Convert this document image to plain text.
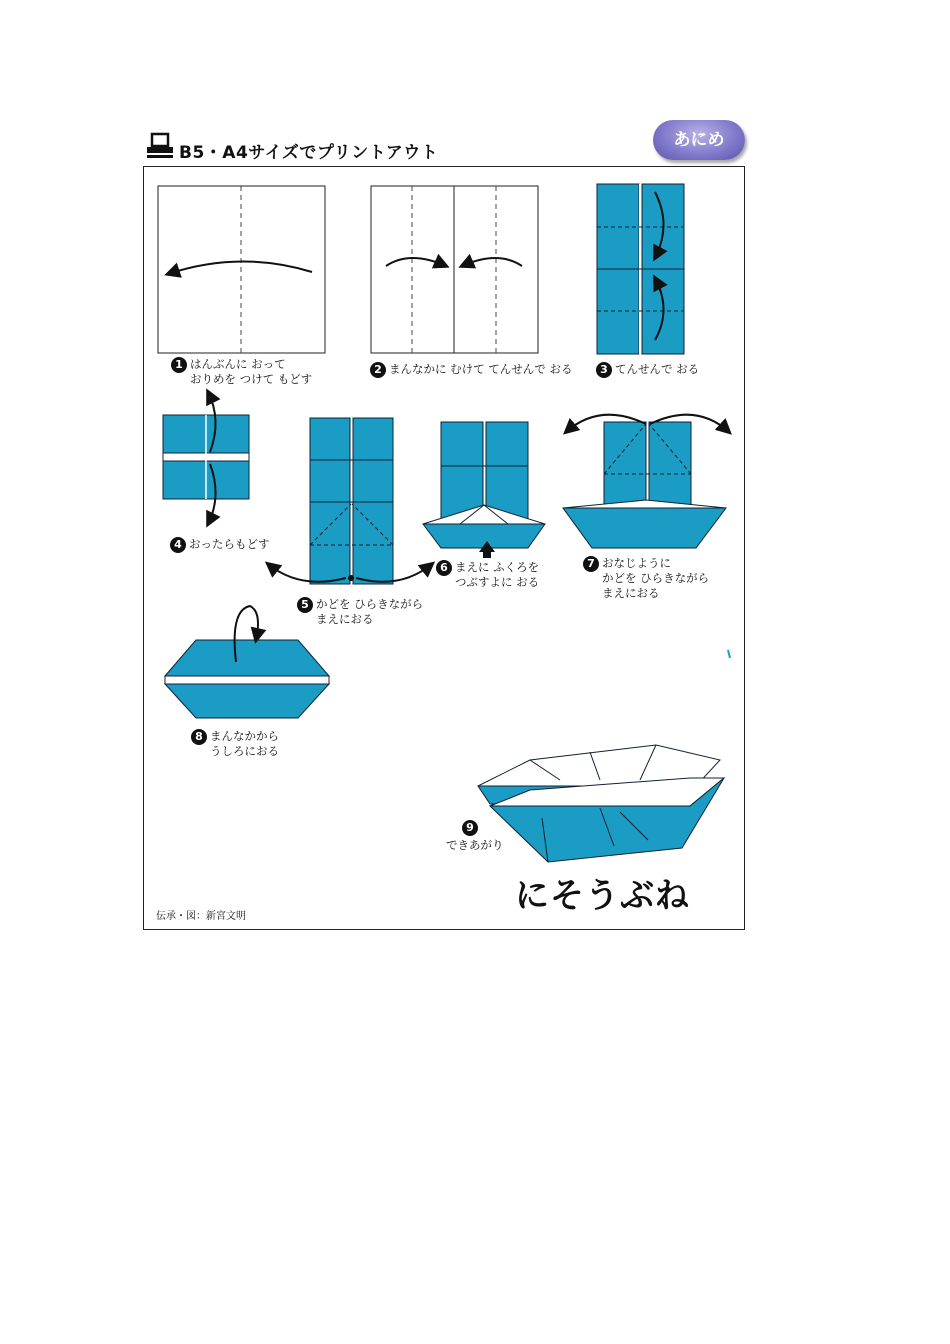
B5・A4サイズでプリントアウト
あにめ
1 はんぶんに おって
おりめを つけて もどす
2 まんなかに むけて てんせんで おる	3 てんせんで おる
4 おったらもどす
5 かどを ひらきながら
まえにおる
6 まえに ふくろを
つぶすよに おる
7 おなじように
かどを ひらきながら
まえにおる
8 まんなかから
うしろにおる
9
できあがり
にそうぶね
伝承・図：新宮文明
